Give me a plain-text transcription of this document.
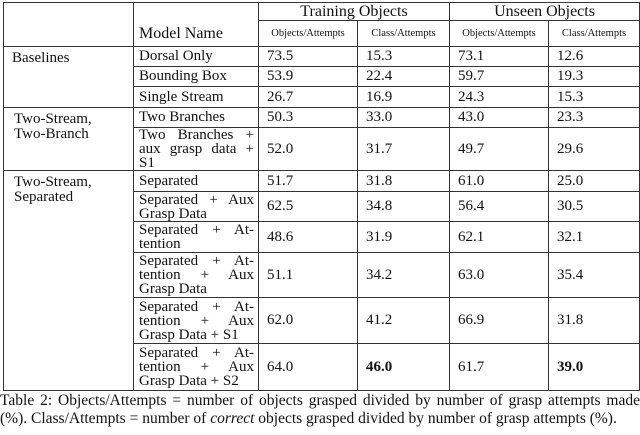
		Training Objects		Unseen Objects	
	Model Name	Objects/Attempts	Class/Attempts	Objects/Attempts	Class/Attempts

Baselines	Dorsal Only	73.5	15.3	73.1	12.6

	Bounding Box	53.9	22.4	59.7	19.3

	Single Stream	26.7	16.9	24.3	15.3

Two-Stream,
Two-Branch	Two Branches	50.3	33.0	43.0	23.3

	Two Branches +
aux grasp data +
S1	52.0	31.7	49.7	29.6

Two-Stream,
Separated	Separated	51.7	31.8	61.0	25.0

	Separated + Aux
Grasp Data	62.5	34.8	56.4	30.5

	Separated + At-
tention	48.6	31.9	62.1	32.1

	Separated + At-
tention + Aux
Grasp Data	51.1	34.2	63.0	35.4

	Separated + At-
tention + Aux
Grasp Data + S1	62.0	41.2	66.9	31.8

	Separated + At-
tention + Aux
Grasp Data + S2	64.0	46.0	61.7	39.0
Table 2: Objects/Attempts = number of objects grasped divided by number of grasp attempts made (%). Class/Attempts = number of correct objects grasped divided by number of grasp attempts (%).
